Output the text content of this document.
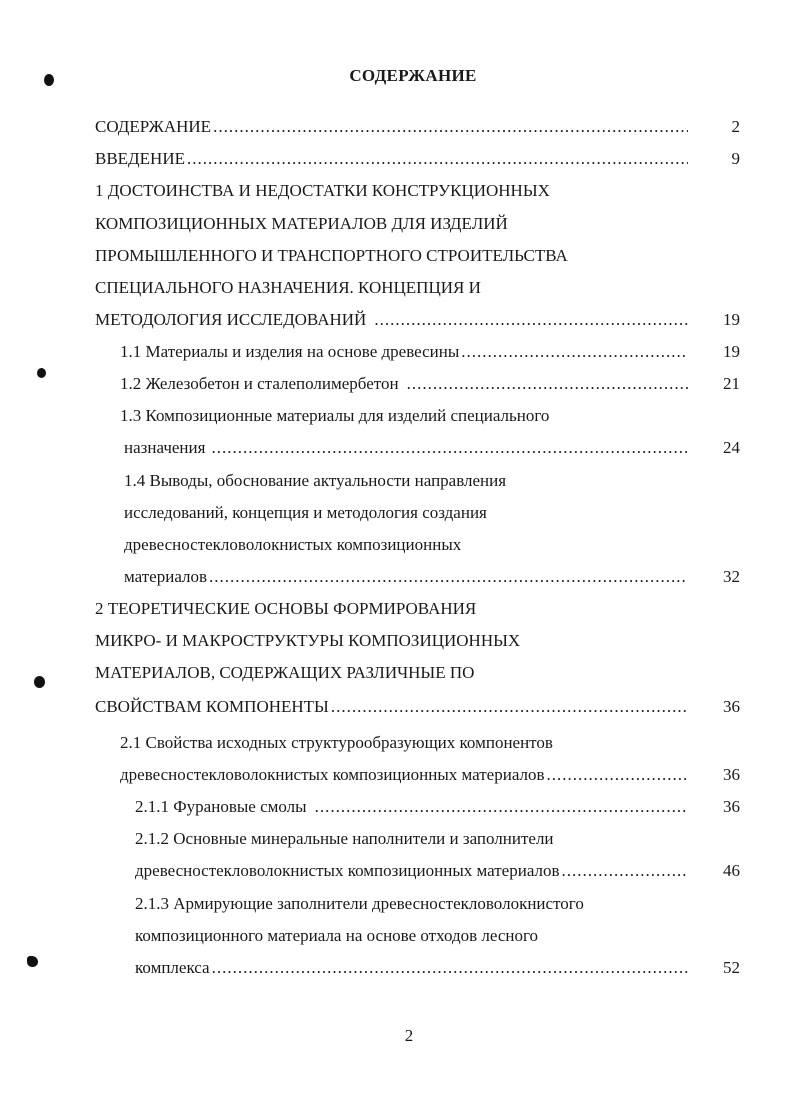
СОДЕРЖАНИЕ
СОДЕРЖАНИЕ .....	2
ВВЕДЕНИЕ .....	9
1 ДОСТОИНСТВА И НЕДОСТАТКИ КОНСТРУКЦИОННЫХ
КОМПОЗИЦИОННЫХ МАТЕРИАЛОВ ДЛЯ ИЗДЕЛИЙ
ПРОМЫШЛЕННОГО И ТРАНСПОРТНОГО СТРОИТЕЛЬСТВА
СПЕЦИАЛЬНОГО НАЗНАЧЕНИЯ. КОНЦЕПЦИЯ И
МЕТОДОЛОГИЯ ИССЛЕДОВАНИЙ .....	19
1.1 Материалы и изделия на основе древесины .....	19
1.2 Железобетон и сталеполимербетон .....	21
1.3 Композиционные материалы для изделий специального
назначения .....	24
1.4 Выводы, обоснование актуальности направления
исследований, концепция и методология создания
древесностекловолокнистых композиционных
материалов .....	32
2 ТЕОРЕТИЧЕСКИЕ ОСНОВЫ ФОРМИРОВАНИЯ
МИКРО- И МАКРОСТРУКТУРЫ КОМПОЗИЦИОННЫХ
МАТЕРИАЛОВ, СОДЕРЖАЩИХ РАЗЛИЧНЫЕ ПО
СВОЙСТВАМ КОМПОНЕНТЫ .....	36
2.1 Свойства исходных структурообразующих компонентов
древесностекловолокнистых композиционных материалов .....	36
2.1.1 Фурановые смолы .....	36
2.1.2 Основные минеральные наполнители и заполнители
древесностекловолокнистых композиционных материалов .....	46
2.1.3 Армирующие заполнители древесностекловолокнистого
композиционного материала на основе отходов лесного
комплекса .....	52
2
